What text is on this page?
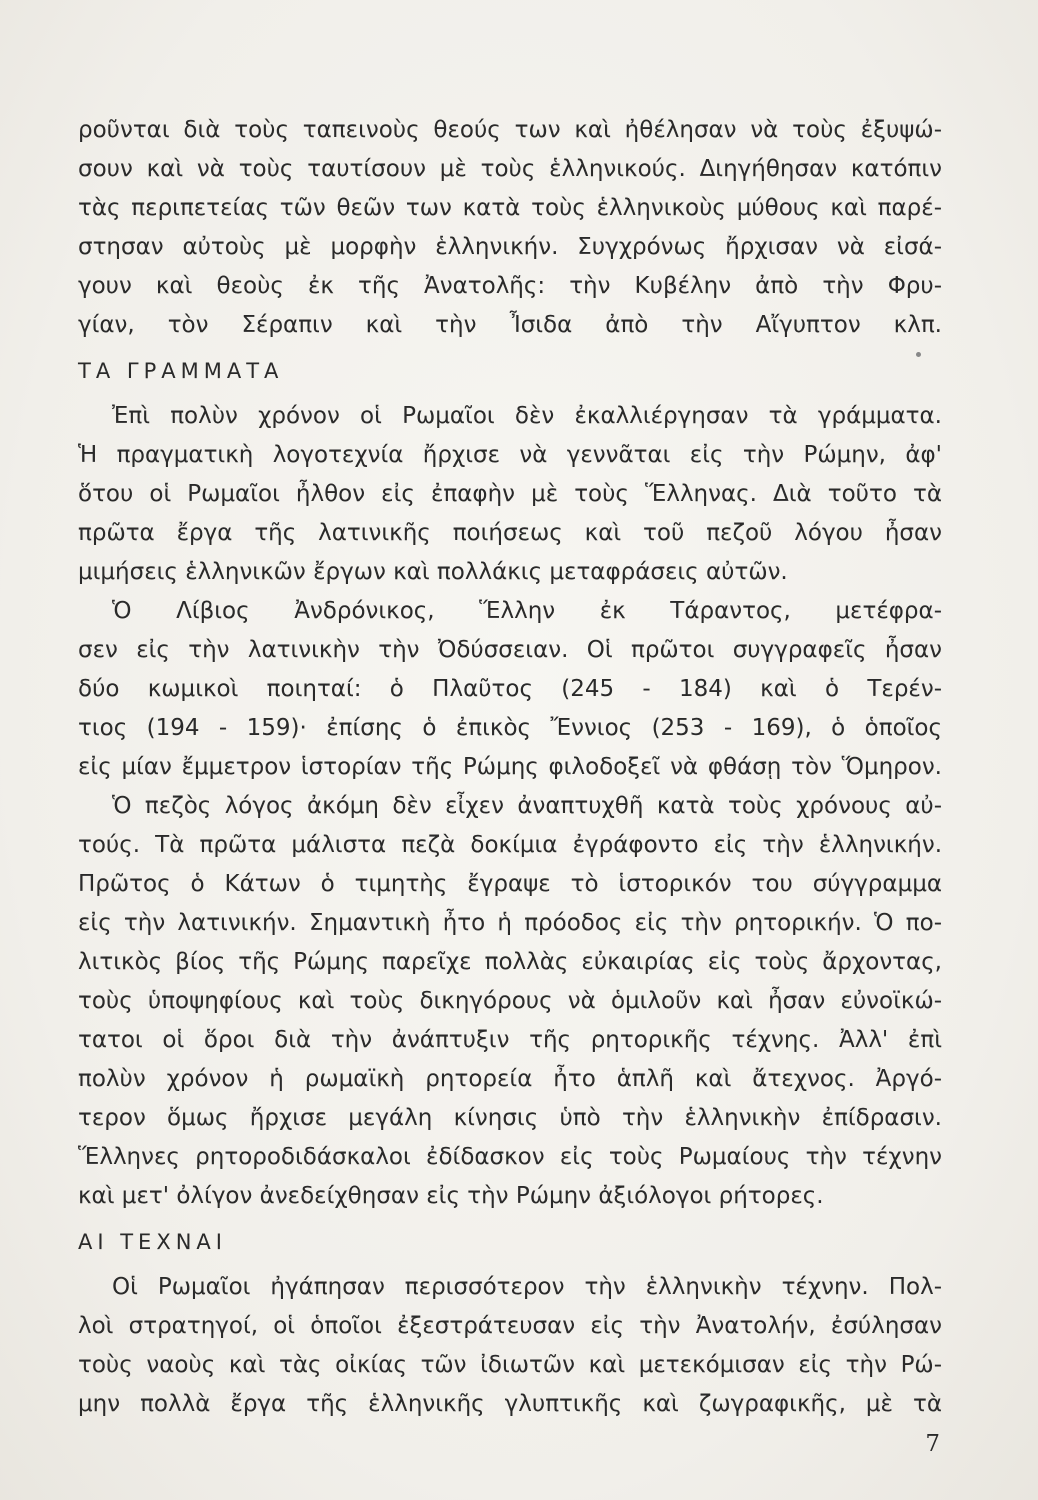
ροῦνται διὰ τοὺς ταπεινοὺς θεούς των καὶ ἠθέλησαν νὰ τοὺς ἐξυψώ-
σουν καὶ νὰ τοὺς ταυτίσουν μὲ τοὺς ἑλληνικούς. Διηγήθησαν κατόπιν
τὰς περιπετείας τῶν θεῶν των κατὰ τοὺς ἑλληνικοὺς μύθους καὶ παρέ-
στησαν αὐτοὺς μὲ μορφὴν ἑλληνικήν. Συγχρόνως ἤρχισαν νὰ εἰσά-
γουν καὶ θεοὺς ἐκ τῆς Ἀνατολῆς: τὴν Κυβέλην ἀπὸ τὴν Φρυ-
γίαν, τὸν Σέραπιν καὶ τὴν Ἶσιδα ἀπὸ τὴν Αἴγυπτον κλπ.
ΤΑ ΓΡΑΜΜΑΤΑ
Ἐπὶ πολὺν χρόνον οἱ Ρωμαῖοι δὲν ἐκαλλιέργησαν τὰ γράμματα.
Ἡ πραγματικὴ λογοτεχνία ἤρχισε νὰ γεννᾶται εἰς τὴν Ρώμην, ἀφ'
ὅτου οἱ Ρωμαῖοι ἦλθον εἰς ἐπαφὴν μὲ τοὺς Ἕλληνας. Διὰ τοῦτο τὰ
πρῶτα ἔργα τῆς λατινικῆς ποιήσεως καὶ τοῦ πεζοῦ λόγου ἦσαν
μιμήσεις ἑλληνικῶν ἔργων καὶ πολλάκις μεταφράσεις αὐτῶν.
Ὁ Λίβιος Ἀνδρόνικος, Ἕλλην ἐκ Τάραντος, μετέφρα-
σεν εἰς τὴν λατινικὴν τὴν Ὀδύσσειαν. Οἱ πρῶτοι συγγραφεῖς ἦσαν
δύο κωμικοὶ ποιηταί: ὁ Πλαῦτος (245 - 184) καὶ ὁ Τερέν-
τιος (194 - 159)· ἐπίσης ὁ ἐπικὸς Ἔννιος (253 - 169), ὁ ὁποῖος
εἰς μίαν ἔμμετρον ἱστορίαν τῆς Ρώμης φιλοδοξεῖ νὰ φθάσῃ τὸν Ὅμηρον.
Ὁ πεζὸς λόγος ἀκόμη δὲν εἶχεν ἀναπτυχθῆ κατὰ τοὺς χρόνους αὐ-
τούς. Τὰ πρῶτα μάλιστα πεζὰ δοκίμια ἐγράφοντο εἰς τὴν ἑλληνικήν.
Πρῶτος ὁ Κάτων ὁ τιμητὴς ἔγραψε τὸ ἱστορικόν του σύγγραμμα
εἰς τὴν λατινικήν. Σημαντικὴ ἦτο ἡ πρόοδος εἰς τὴν ρητορικήν. Ὁ πο-
λιτικὸς βίος τῆς Ρώμης παρεῖχε πολλὰς εὐκαιρίας εἰς τοὺς ἄρχοντας,
τοὺς ὑποψηφίους καὶ τοὺς δικηγόρους νὰ ὁμιλοῦν καὶ ἦσαν εὐνοϊκώ-
τατοι οἱ ὅροι διὰ τὴν ἀνάπτυξιν τῆς ρητορικῆς τέχνης. Ἀλλ' ἐπὶ
πολὺν χρόνον ἡ ρωμαϊκὴ ρητορεία ἦτο ἁπλῆ καὶ ἄτεχνος. Ἀργό-
τερον ὅμως ἤρχισε μεγάλη κίνησις ὑπὸ τὴν ἑλληνικὴν ἐπίδρασιν.
Ἕλληνες ρητοροδιδάσκαλοι ἐδίδασκον εἰς τοὺς Ρωμαίους τὴν τέχνην
καὶ μετ' ὀλίγον ἀνεδείχθησαν εἰς τὴν Ρώμην ἀξιόλογοι ρήτορες.
ΑΙ ΤΕΧΝΑΙ
Οἱ Ρωμαῖοι ἠγάπησαν περισσότερον τὴν ἑλληνικὴν τέχνην. Πολ-
λοὶ στρατηγοί, οἱ ὁποῖοι ἐξεστράτευσαν εἰς τὴν Ἀνατολήν, ἐσύλησαν
7
τοὺς ναοὺς καὶ τὰς οἰκίας τῶν ἰδιωτῶν καὶ μετεκόμισαν εἰς τὴν Ρώ-
μην πολλὰ ἔργα τῆς ἑλληνικῆς γλυπτικῆς καὶ ζωγραφικῆς, μὲ τὰ
